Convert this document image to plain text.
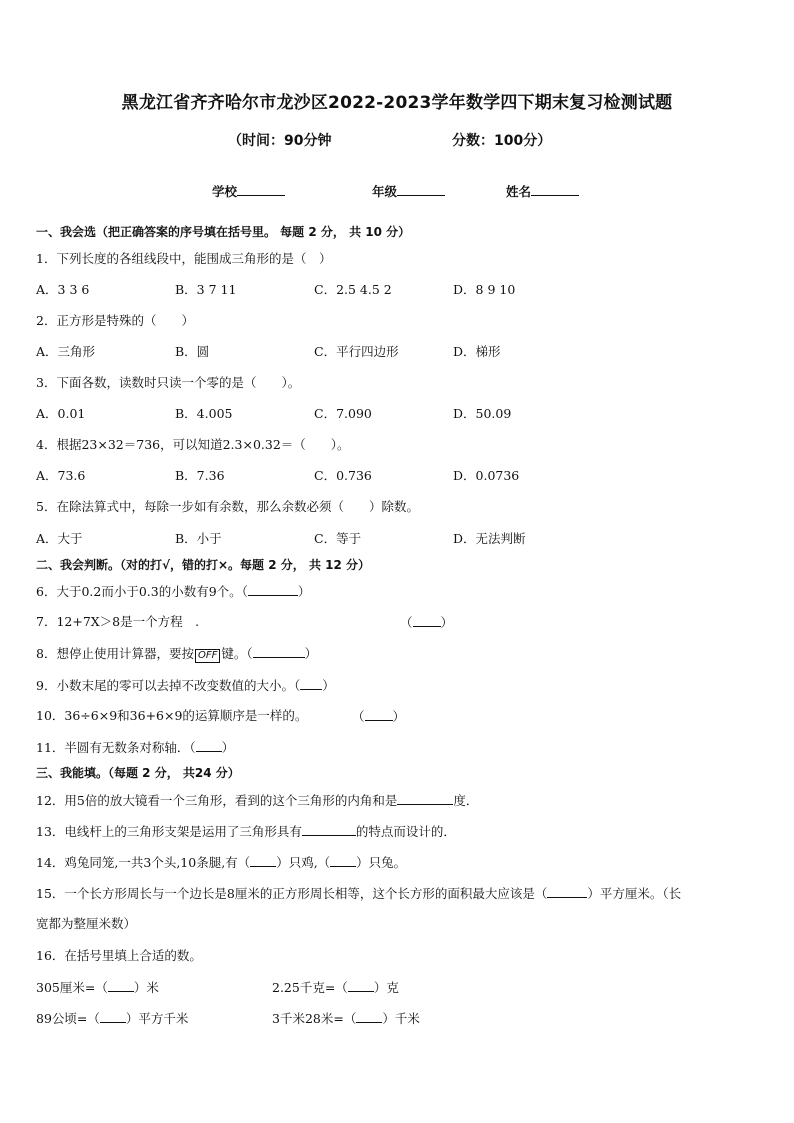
黑龙江省齐齐哈尔市龙沙区2022-2023学年数学四下期末复习检测试题
（时间：90分钟	分数：100分）
学校	年级	姓名
一、我会选（把正确答案的序号填在括号里。 每题 2 分， 共 10 分）
1．下列长度的各组线段中，能围成三角形的是（　）
A．3 3 6	B．3 7 11	C．2.5 4.5 2	D．8 9 10
2．正方形是特殊的（　　）
A．三角形	B．圆	C．平行四边形	D．梯形
3．下面各数，读数时只读一个零的是（　　）。
A．0.01	B．4.005	C．7.090	D．50.09
4．根据23×32＝736，可以知道2.3×0.32＝（　　）。
A．73.6	B．7.36	C．0.736	D．0.0736
5．在除法算式中，每除一步如有余数，那么余数必须（　　）除数。
A．大于	B．小于	C．等于	D．无法判断
二、我会判断。（对的打√，错的打×。每题 2 分， 共 12 分）
6．大于0.2而小于0.3的小数有9个。（	）
7．12+7X＞8是一个方程　.	（ ）
8．想停止使用计算器，要按 OFF 键。（	）
9．小数末尾的零可以去掉不改变数值的大小。（ ）
10．36÷6×9和36+6×9的运算顺序是一样的。	（ ）
11．半圆有无数条对称轴．（ ）
三、我能填。（每题 2 分， 共24 分）
12．用5倍的放大镜看一个三角形，看到的这个三角形的内角和是	度．
13．电线杆上的三角形支架是运用了三角形具有	的特点而设计的．
14．鸡兔同笼,一共3个头,10条腿,有（ ）只鸡,（ ）只兔。
15．一个长方形周长与一个边长是8厘米的正方形周长相等，这个长方形的面积最大应该是（	）平方厘米。（长
宽都为整厘米数）
16．在括号里填上合适的数。
305厘米=（ ）米	2.25千克=（ ）克
89公顷=（ ）平方千米	3千米28米=（ ）千米
